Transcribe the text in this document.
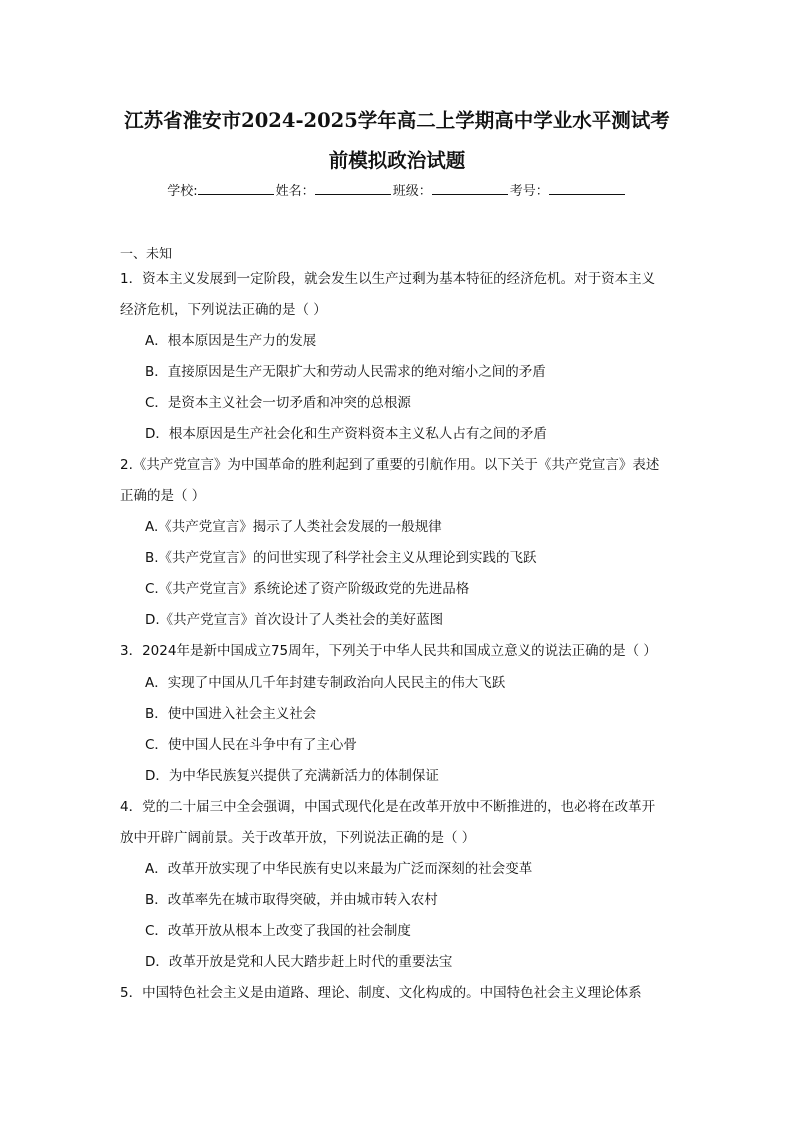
江苏省淮安市2024-2025学年高二上学期高中学业水平测试考
前模拟政治试题
学校:	姓名：	班级：	考号：
一、未知
1．资本主义发展到一定阶段，就会发生以生产过剩为基本特征的经济危机。对于资本主义
经济危机，下列说法正确的是（ ）
A．根本原因是生产力的发展
B．直接原因是生产无限扩大和劳动人民需求的绝对缩小之间的矛盾
C．是资本主义社会一切矛盾和冲突的总根源
D．根本原因是生产社会化和生产资料资本主义私人占有之间的矛盾
2.《共产党宣言》为中国革命的胜利起到了重要的引航作用。以下关于《共产党宣言》表述
正确的是（ ）
A.《共产党宣言》揭示了人类社会发展的一般规律
B.《共产党宣言》的问世实现了科学社会主义从理论到实践的飞跃
C.《共产党宣言》系统论述了资产阶级政党的先进品格
D.《共产党宣言》首次设计了人类社会的美好蓝图
3．2024年是新中国成立75周年，下列关于中华人民共和国成立意义的说法正确的是（ ）
A．实现了中国从几千年封建专制政治向人民民主的伟大飞跃
B．使中国进入社会主义社会
C．使中国人民在斗争中有了主心骨
D．为中华民族复兴提供了充满新活力的体制保证
4．党的二十届三中全会强调，中国式现代化是在改革开放中不断推进的，也必将在改革开
放中开辟广阔前景。关于改革开放，下列说法正确的是（ ）
A．改革开放实现了中华民族有史以来最为广泛而深刻的社会变革
B．改革率先在城市取得突破，并由城市转入农村
C．改革开放从根本上改变了我国的社会制度
D．改革开放是党和人民大踏步赶上时代的重要法宝
5．中国特色社会主义是由道路、理论、制度、文化构成的。中国特色社会主义理论体系
